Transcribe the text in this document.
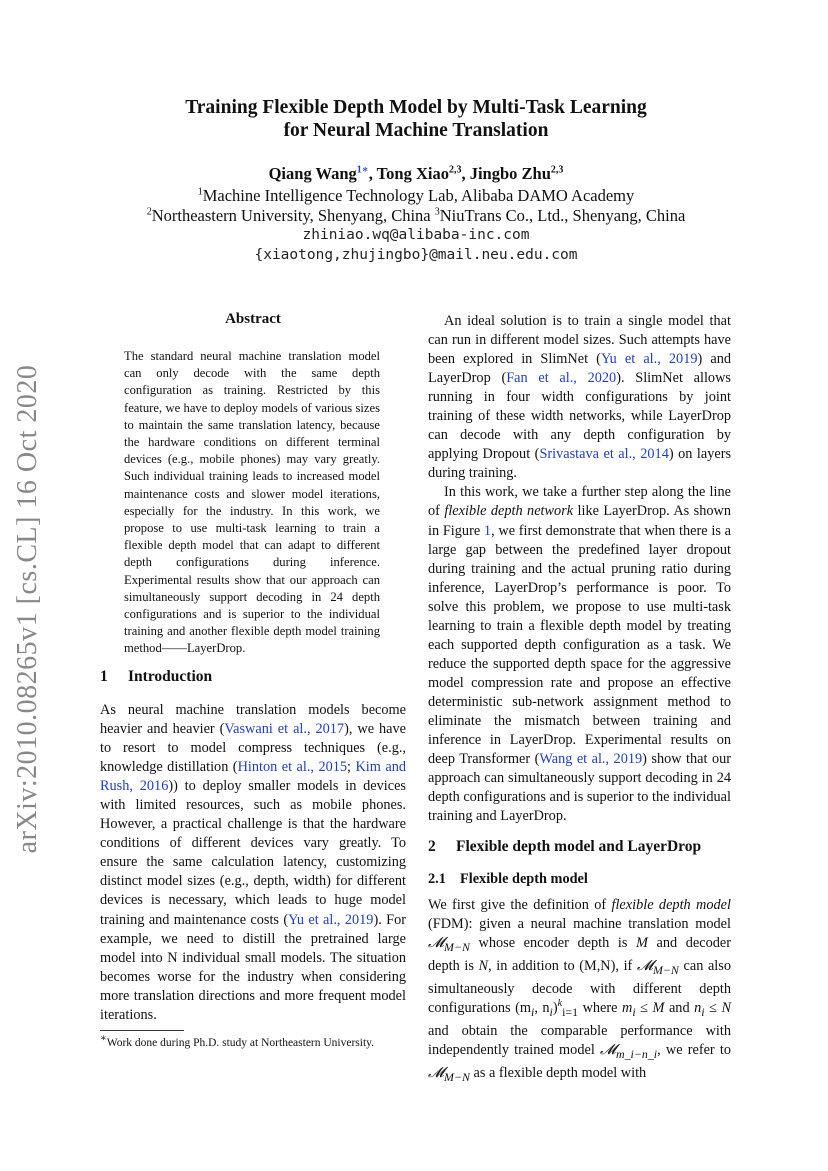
arXiv:2010.08265v1 [cs.CL] 16 Oct 2020
Training Flexible Depth Model by Multi-Task Learning
for Neural Machine Translation
Qiang Wang$^{1∗}$, Tong Xiao$^{2,3}$, Jingbo Zhu$^{2,3}$
$^1$Machine Intelligence Technology Lab, Alibaba DAMO Academy
$^2$Northeastern University, Shenyang, China $^3$NiuTrans Co., Ltd., Shenyang, China
zhiniao.wq@alibaba-inc.com
{xiaotong,zhujingbo}@mail.neu.edu.com
Abstract
The standard neural machine translation model can only decode with the same depth configuration as training. Restricted by this feature, we have to deploy models of various sizes to maintain the same translation latency, because the hardware conditions on different terminal devices (e.g., mobile phones) may vary greatly. Such individual training leads to increased model maintenance costs and slower model iterations, especially for the industry. In this work, we propose to use multi-task learning to train a flexible depth model that can adapt to different depth configurations during inference. Experimental results show that our approach can simultaneously support decoding in 24 depth configurations and is superior to the individual training and another flexible depth model training method——LayerDrop.
1 Introduction

As neural machine translation models become heavier and heavier (Vaswani et al., 2017), we have to resort to model compress techniques (e.g., knowledge distillation (Hinton et al., 2015; Kim and Rush, 2016)) to deploy smaller models in devices with limited resources, such as mobile phones. However, a practical challenge is that the hardware conditions of different devices vary greatly. To ensure the same calculation latency, customizing distinct model sizes (e.g., depth, width) for different devices is necessary, which leads to huge model training and maintenance costs (Yu et al., 2019). For example, we need to distill the pretrained large model into N individual small models. The situation becomes worse for the industry when considering more translation directions and more frequent model iterations.

∗Work done during Ph.D. study at Northeastern University.

An ideal solution is to train a single model that can run in different model sizes. Such attempts have been explored in SlimNet (Yu et al., 2019) and LayerDrop (Fan et al., 2020). SlimNet allows running in four width configurations by joint training of these width networks, while LayerDrop can decode with any depth configuration by applying Dropout (Srivastava et al., 2014) on layers during training.

In this work, we take a further step along the line of flexible depth network like LayerDrop. As shown in Figure 1, we first demonstrate that when there is a large gap between the predefined layer dropout during training and the actual pruning ratio during inference, LayerDrop’s performance is poor. To solve this problem, we propose to use multi-task learning to train a flexible depth model by treating each supported depth configuration as a task. We reduce the supported depth space for the aggressive model compression rate and propose an effective deterministic sub-network assignment method to eliminate the mismatch between training and inference in LayerDrop. Experimental results on deep Transformer (Wang et al., 2019) show that our approach can simultaneously support decoding in 24 depth configurations and is superior to the individual training and LayerDrop.

2 Flexible depth model and LayerDrop
2.1 Flexible depth model

We first give the definition of flexible depth model (FDM): given a neural machine translation model 𝓜$_{M-N}$ whose encoder depth is M and decoder depth is N, in addition to (M,N), if 𝓜$_{M-N}$ can also simultaneously decode with different depth configurations ($m_i$, $n_i)^k_{i=1}$ where $m_i \le M$ and $n_i \le N$ and obtain the comparable performance with independently trained model 𝓜$_{m\_i-n\_i}$, we refer to 𝓜$_{M-N}$ as a flexible depth model with
